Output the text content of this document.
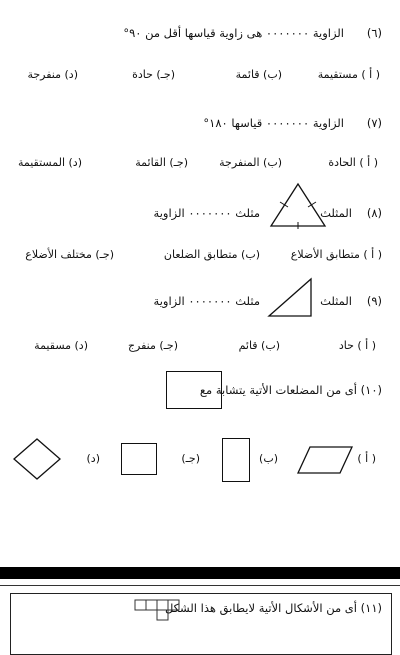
(٦)
الزاوية ٠٠٠٠٠٠٠ هى زاوية قياسها أقل من ٩٠°
( أ ) مستقيمة
(ب) قائمة
(جـ) حادة
(د) منفرجة
(٧)
الزاوية ٠٠٠٠٠٠٠ قياسها ١٨٠°
( أ ) الحادة
(ب) المنفرجة
(جـ) القائمة
(د) المستقيمة
(٨)
المثلث
مثلث ٠٠٠٠٠٠٠ الزاوية
( أ ) متطابق الأضلاع
(ب) متطابق الضلعان
(جـ) مختلف الأضلاع
(٩)
المثلث
مثلث ٠٠٠٠٠٠٠ الزاوية
( أ ) حاد
(ب) قائم
(جـ) منفرج
(د) مسقيمة
(١٠) أى من المضلعات الأتية يتشابة مع
( أ )
(ب)
(جـ)
(د)
(١١) أى من الأشكال الأتية لايطابق هذا الشكل
